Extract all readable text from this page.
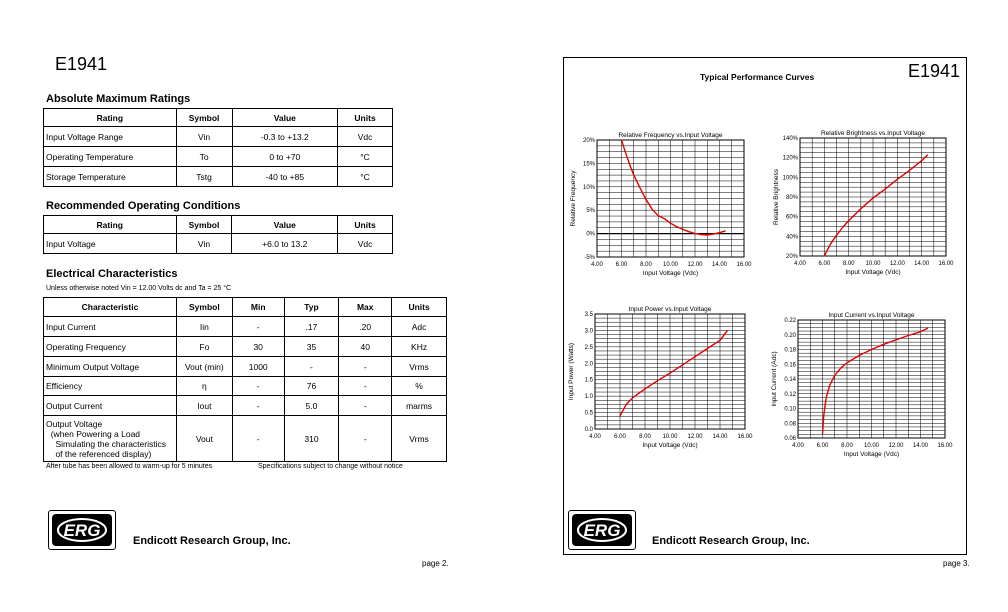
E1941
Absolute Maximum Ratings
Rating	Symbol	Value	Units
Input Voltage Range	Vin	-0.3 to +13.2	Vdc
Operating Temperature	To	0 to +70	°C
Storage Temperature	Tstg	-40 to +85	°C
Recommended Operating Conditions
Rating	Symbol	Value	Units
Input Voltage	Vin	+6.0 to 13.2	Vdc
Electrical Characteristics
Unless otherwise noted Vin = 12.00 Volts dc and Ta = 25 °C
Characteristic	Symbol	Min	Typ	Max	Units
Input Current	Iin	-	.17	.20	Adc
Operating Frequency	Fo	30	35	40	KHz
Minimum Output Voltage	Vout (min)	1000	-	-	Vrms
Efficiency	η	-	76	-	%
Output Current	Iout	-	5.0	-	marms
Output Voltage
(when Powering a Load
Simulating the characteristics
of the referenced display)	Vout	-	310	-	Vrms
After tube has been allowed to warm-up for 5 minutes	Specifications subject to change without notice
ERG
Endicott Research Group, Inc.
page 2.
E1941
Typical Performance Curves
4.00 6.00 8.00 10.00 12.00 14.00 16.00
-5%
0%
5%
10%
15%
20%
Relative Frequency vs.Input Voltage
Input Voltage (Vdc)
Relative Frequency
4.00 6.00 8.00 10.00 12.00 14.00 16.00
20%
40%
60%
80%
100%
120%
140%
Relative Brightness vs.Input Voltage
Input Voltage (Vdc)
Relative Brightness
4.00 6.00 8.00 10.00 12.00 14.00 16.00
0.0
0.5
1.0
1.5
2.0
2.5
3.0
3.5
Input Power vs.Input Voltage
Input Voltage (Vdc)
Input Power (Watts)
4.00 6.00 8.00 10.00 12.00 14.00 16.00
0.06
0.08
0.10
0.12
0.14
0.16
0.18
0.20
0.22
Input Current vs.Input Voltage
Input Voltage (Vdc)
Input Current (Adc)
ERG
Endicott Research Group, Inc.
page 3.
